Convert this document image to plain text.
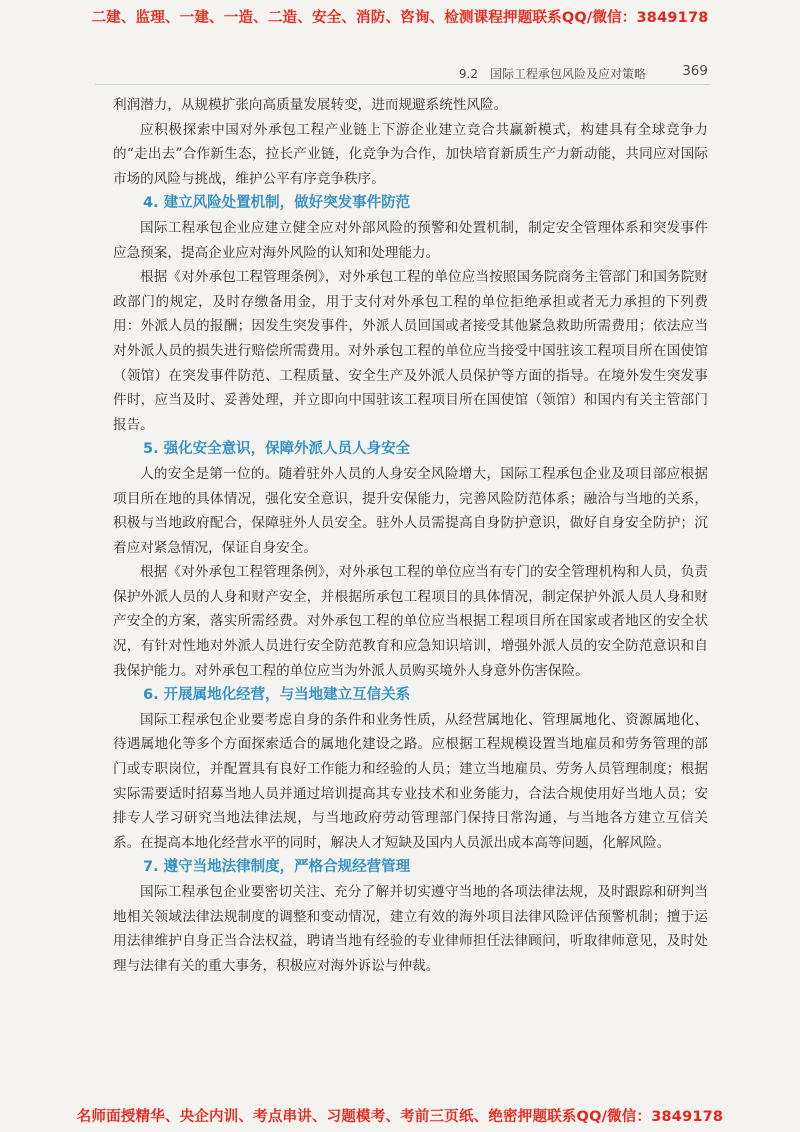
二建、监理、一建、一造、二造、安全、消防、咨询、检测课程押题联系QQ/微信：3849178
9.2　国际工程承包风险及应对策略	369

利润潜力，从规模扩张向高质量发展转变，进而规避系统性风险。

应积极探索中国对外承包工程产业链上下游企业建立竞合共赢新模式，构建具有全球竞争力的“走出去”合作新生态，拉长产业链，化竞争为合作，加快培育新质生产力新动能，共同应对国际市场的风险与挑战，维护公平有序竞争秩序。

4. 建立风险处置机制，做好突发事件防范

国际工程承包企业应建立健全应对外部风险的预警和处置机制，制定安全管理体系和突发事件应急预案，提高企业应对海外风险的认知和处理能力。

根据《对外承包工程管理条例》，对外承包工程的单位应当按照国务院商务主管部门和国务院财政部门的规定，及时存缴备用金，用于支付对外承包工程的单位拒绝承担或者无力承担的下列费用：外派人员的报酬；因发生突发事件，外派人员回国或者接受其他紧急救助所需费用；依法应当对外派人员的损失进行赔偿所需费用。对外承包工程的单位应当接受中国驻该工程项目所在国使馆（领馆）在突发事件防范、工程质量、安全生产及外派人员保护等方面的指导。在境外发生突发事件时，应当及时、妥善处理，并立即向中国驻该工程项目所在国使馆（领馆）和国内有关主管部门报告。

5. 强化安全意识，保障外派人员人身安全

人的安全是第一位的。随着驻外人员的人身安全风险增大，国际工程承包企业及项目部应根据项目所在地的具体情况，强化安全意识，提升安保能力，完善风险防范体系；融洽与当地的关系，积极与当地政府配合，保障驻外人员安全。驻外人员需提高自身防护意识，做好自身安全防护；沉着应对紧急情况，保证自身安全。

根据《对外承包工程管理条例》，对外承包工程的单位应当有专门的安全管理机构和人员，负责保护外派人员的人身和财产安全，并根据所承包工程项目的具体情况，制定保护外派人员人身和财产安全的方案，落实所需经费。对外承包工程的单位应当根据工程项目所在国家或者地区的安全状况，有针对性地对外派人员进行安全防范教育和应急知识培训，增强外派人员的安全防范意识和自我保护能力。对外承包工程的单位应当为外派人员购买境外人身意外伤害保险。

6. 开展属地化经营，与当地建立互信关系

国际工程承包企业要考虑自身的条件和业务性质，从经营属地化、管理属地化、资源属地化、待遇属地化等多个方面探索适合的属地化建设之路。应根据工程规模设置当地雇员和劳务管理的部门或专职岗位，并配置具有良好工作能力和经验的人员；建立当地雇员、劳务人员管理制度；根据实际需要适时招募当地人员并通过培训提高其专业技术和业务能力，合法合规使用好当地人员；安排专人学习研究当地法律法规，与当地政府劳动管理部门保持日常沟通，与当地各方建立互信关系。在提高本地化经营水平的同时，解决人才短缺及国内人员派出成本高等问题，化解风险。

7. 遵守当地法律制度，严格合规经营管理

国际工程承包企业要密切关注、充分了解并切实遵守当地的各项法律法规，及时跟踪和研判当地相关领域法律法规制度的调整和变动情况，建立有效的海外项目法律风险评估预警机制；擅于运用法律维护自身正当合法权益，聘请当地有经验的专业律师担任法律顾问，听取律师意见，及时处理与法律有关的重大事务，积极应对海外诉讼与仲裁。

名师面授精华、央企内训、考点串讲、习题模考、考前三页纸、绝密押题联系QQ/微信：3849178
